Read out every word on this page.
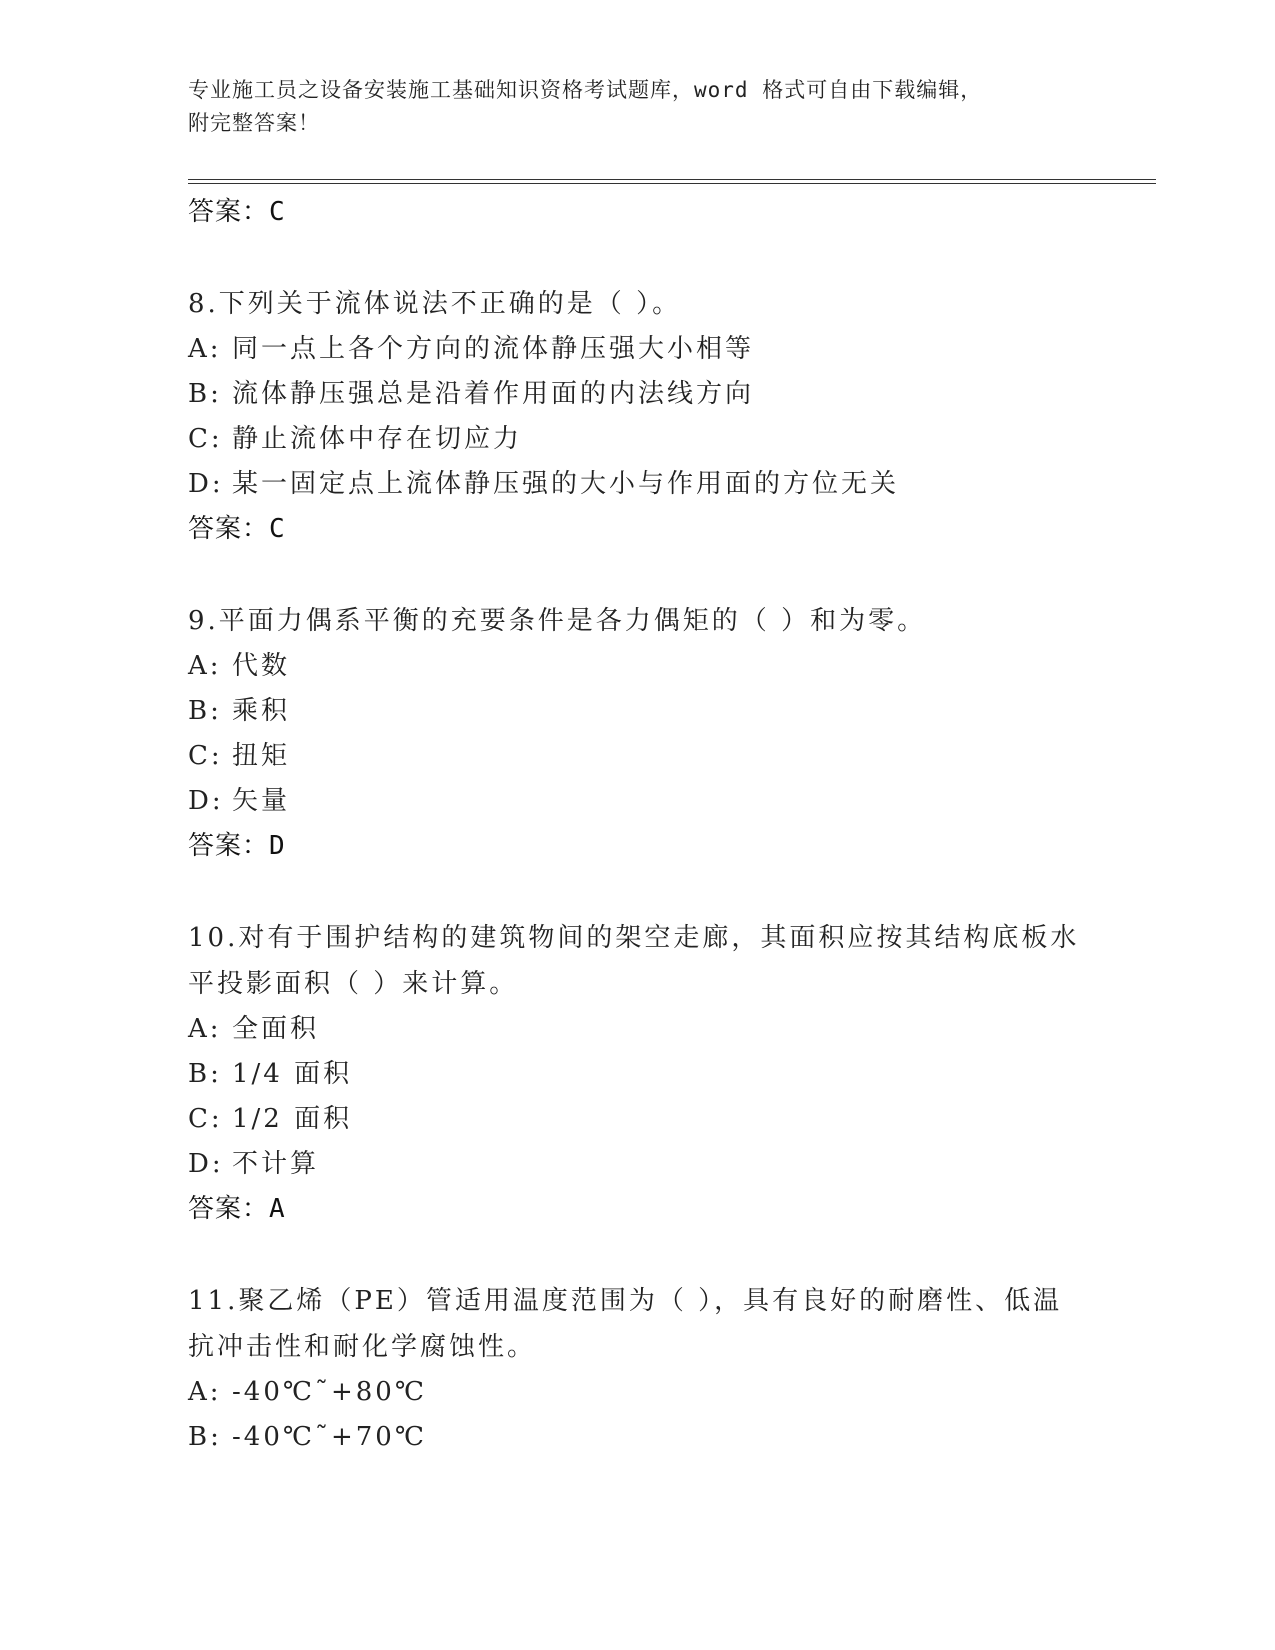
专业施工员之设备安装施工基础知识资格考试题库，word 格式可自由下载编辑，
附完整答案！
答案：C
8.下列关于流体说法不正确的是（ ）。
A: 同一点上各个方向的流体静压强大小相等
B: 流体静压强总是沿着作用面的内法线方向
C: 静止流体中存在切应力
D: 某一固定点上流体静压强的大小与作用面的方位无关
答案：C
9.平面力偶系平衡的充要条件是各力偶矩的（ ）和为零。
A: 代数
B: 乘积
C: 扭矩
D: 矢量
答案：D
10.对有于围护结构的建筑物间的架空走廊，其面积应按其结构底板水
平投影面积（ ）来计算。
A: 全面积
B: 1/4 面积
C: 1/2 面积
D: 不计算
答案：A
11.聚乙烯（PE）管适用温度范围为（ ），具有良好的耐磨性、低温
抗冲击性和耐化学腐蚀性。
A: -40℃˜+80℃
B: -40℃˜+70℃
